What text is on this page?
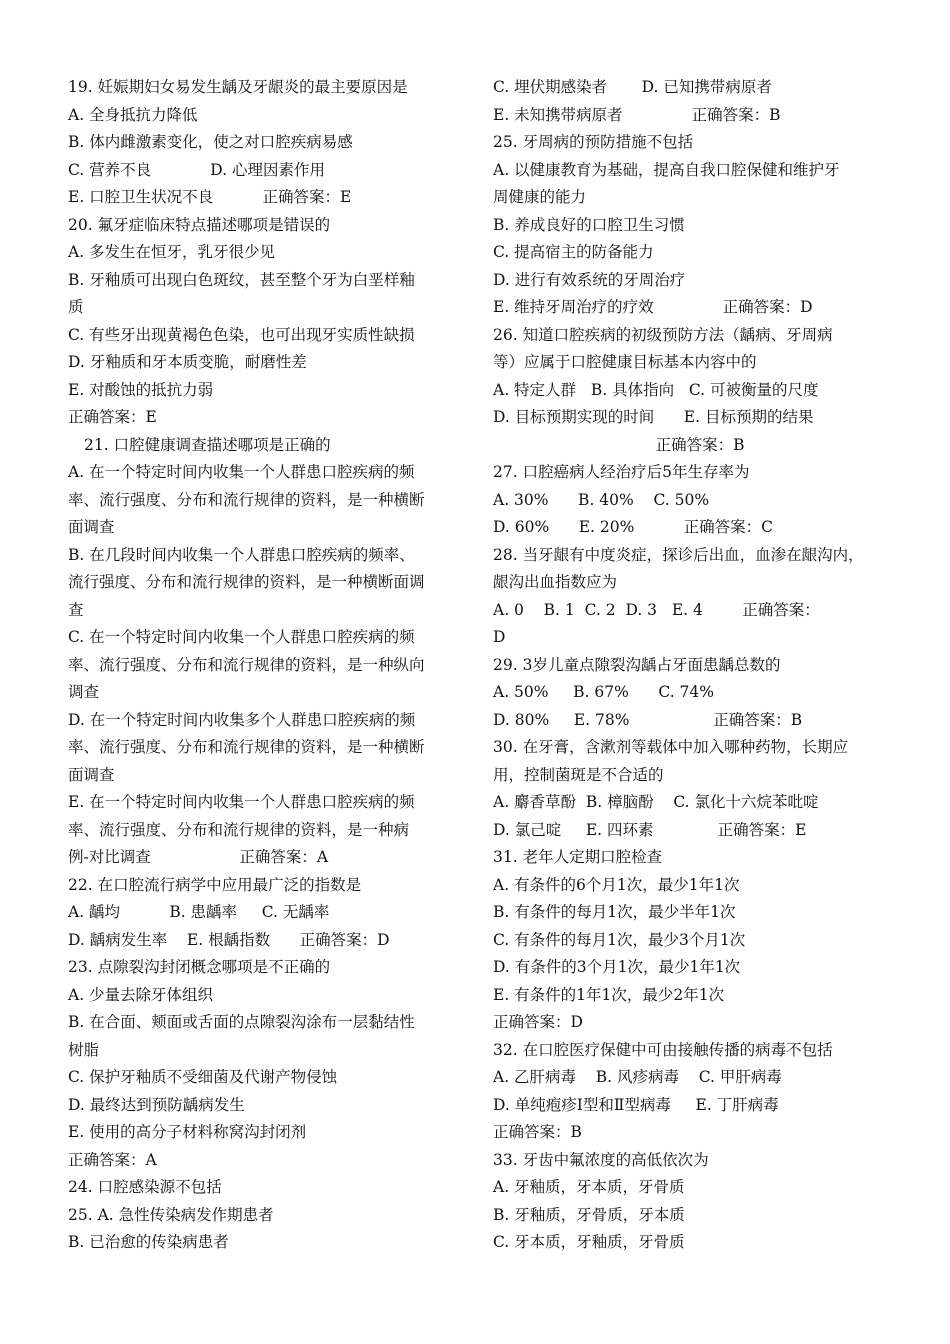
19. 妊娠期妇女易发生龋及牙龈炎的最主要原因是
A. 全身抵抗力降低
B. 体内雌激素变化，使之对口腔疾病易感
C. 营养不良            D. 心理因素作用
E. 口腔卫生状况不良          正确答案：E
20. 氟牙症临床特点描述哪项是错误的
A. 多发生在恒牙，乳牙很少见
B. 牙釉质可出现白色斑纹，甚至整个牙为白垩样釉
质
C. 有些牙出现黄褐色色染，也可出现牙实质性缺损
D. 牙釉质和牙本质变脆，耐磨性差
E. 对酸蚀的抵抗力弱
正确答案：E
21. 口腔健康调查描述哪项是正确的
A. 在一个特定时间内收集一个人群患口腔疾病的频
率、流行强度、分布和流行规律的资料，是一种横断
面调查
B. 在几段时间内收集一个人群患口腔疾病的频率、
流行强度、分布和流行规律的资料，是一种横断面调
查
C. 在一个特定时间内收集一个人群患口腔疾病的频
率、流行强度、分布和流行规律的资料，是一种纵向
调查
D. 在一个特定时间内收集多个人群患口腔疾病的频
率、流行强度、分布和流行规律的资料，是一种横断
面调查
E. 在一个特定时间内收集一个人群患口腔疾病的频
率、流行强度、分布和流行规律的资料，是一种病
例-对比调查                  正确答案：A
22. 在口腔流行病学中应用最广泛的指数是
A. 龋均          B. 患龋率     C. 无龋率
D. 龋病发生率    E. 根龋指数      正确答案：D
23. 点隙裂沟封闭概念哪项是不正确的
A. 少量去除牙体组织
B. 在合面、颊面或舌面的点隙裂沟涂布一层黏结性
树脂
C. 保护牙釉质不受细菌及代谢产物侵蚀
D. 最终达到预防龋病发生
E. 使用的高分子材料称窝沟封闭剂
正确答案：A
24. 口腔感染源不包括
25. A. 急性传染病发作期患者
B. 已治愈的传染病患者
C. 埋伏期感染者       D. 已知携带病原者
E. 未知携带病原者              正确答案：B
25. 牙周病的预防措施不包括
A. 以健康教育为基础，提高自我口腔保健和维护牙
周健康的能力
B. 养成良好的口腔卫生习惯
C. 提高宿主的防备能力
D. 进行有效系统的牙周治疗
E. 维持牙周治疗的疗效              正确答案：D
26. 知道口腔疾病的初级预防方法（龋病、牙周病
等）应属于口腔健康目标基本内容中的
A. 特定人群   B. 具体指向   C. 可被衡量的尺度
D. 目标预期实现的时间      E. 目标预期的结果
正确答案：B
27. 口腔癌病人经治疗后5年生存率为
A. 30%      B. 40%    C. 50%
D. 60%      E. 20%          正确答案：C
28. 当牙龈有中度炎症，探诊后出血，血渗在龈沟内，
龈沟出血指数应为
A. 0    B. 1  C. 2  D. 3   E. 4        正确答案：
D
29. 3岁儿童点隙裂沟龋占牙面患龋总数的
A. 50%     B. 67%      C. 74%
D. 80%     E. 78%                 正确答案：B
30. 在牙膏，含漱剂等载体中加入哪种药物，长期应
用，控制菌斑是不合适的
A. 麝香草酚  B. 樟脑酚    C. 氯化十六烷苯吡啶
D. 氯己啶     E. 四环素             正确答案：E
31. 老年人定期口腔检查
A. 有条件的6个月1次，最少1年1次
B. 有条件的每月1次，最少半年1次
C. 有条件的每月1次，最少3个月1次
D. 有条件的3个月1次，最少1年1次
E. 有条件的1年1次，最少2年1次
正确答案：D
32. 在口腔医疗保健中可由接触传播的病毒不包括
A. 乙肝病毒    B. 风疹病毒    C. 甲肝病毒
D. 单纯疱疹Ⅰ型和Ⅱ型病毒     E. 丁肝病毒
正确答案：B
33. 牙齿中氟浓度的高低依次为
A. 牙釉质，牙本质，牙骨质
B. 牙釉质，牙骨质，牙本质
C. 牙本质，牙釉质，牙骨质
